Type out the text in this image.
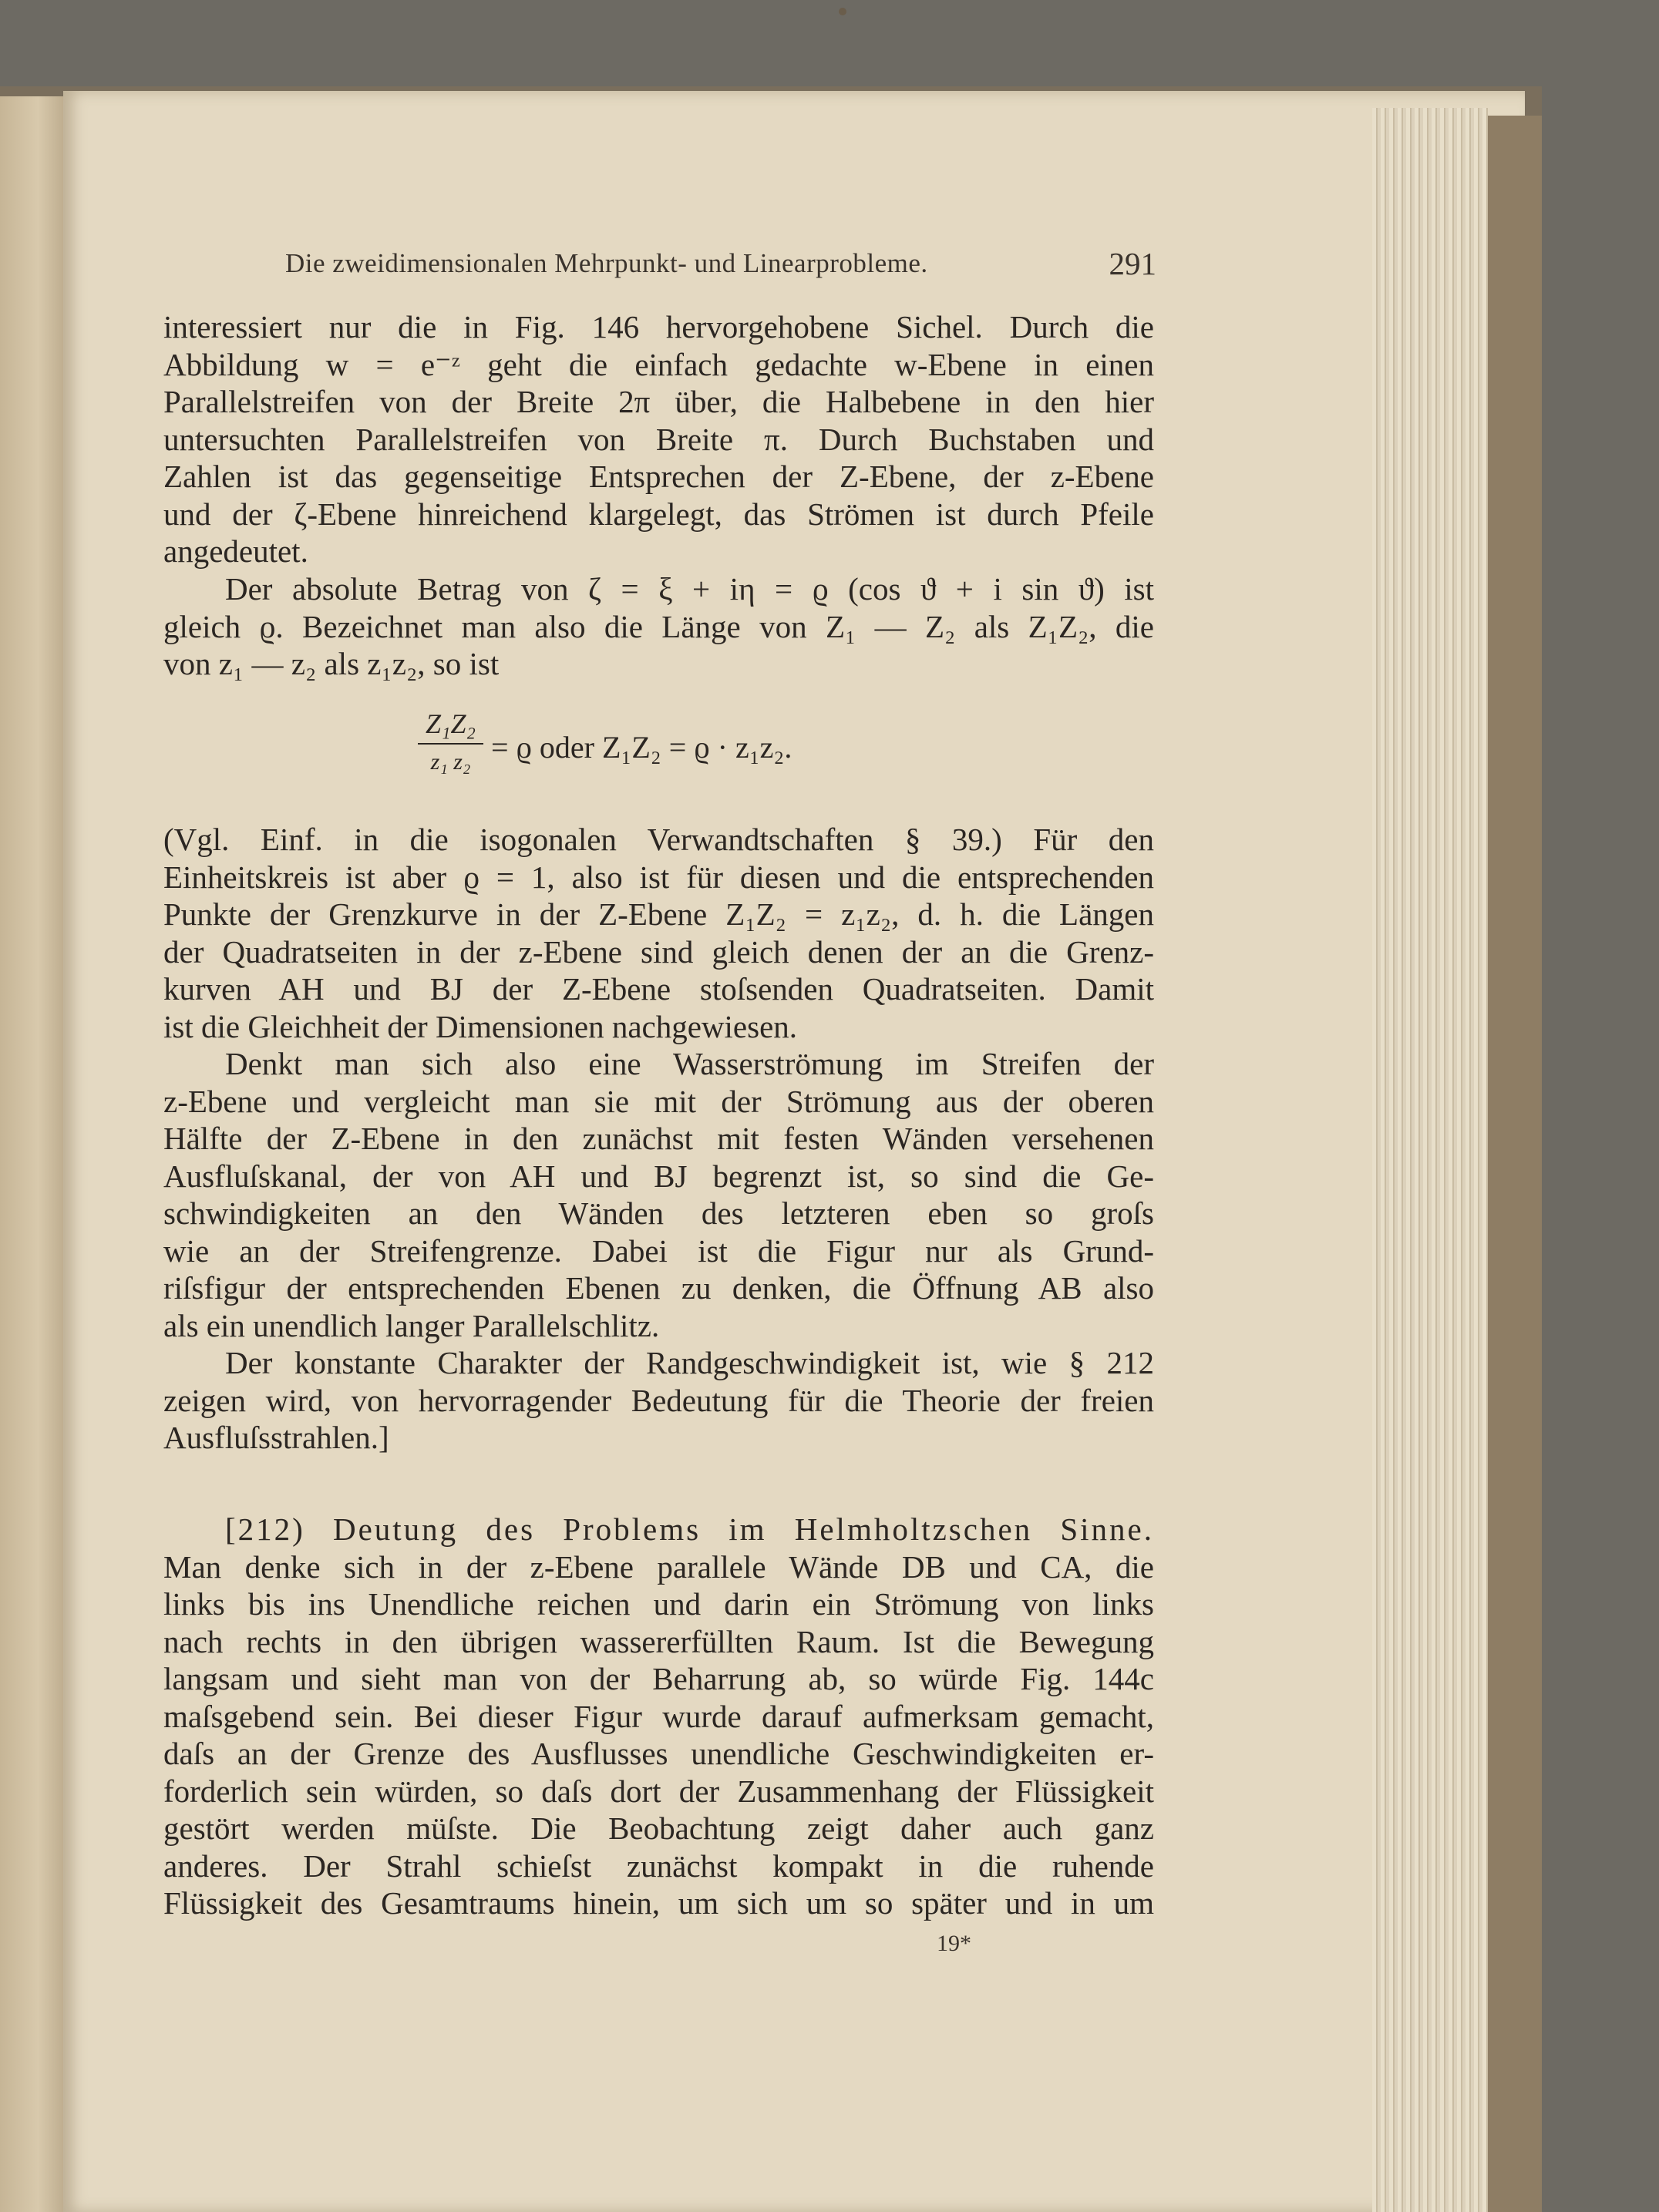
Die zweidimensionalen Mehrpunkt- und Linearprobleme.	291
interessiert nur die in Fig. 146 hervorgehobene Sichel. Durch die
Abbildung w = e⁻ᶻ geht die einfach gedachte w-Ebene in einen
Parallelstreifen von der Breite 2π über, die Halbebene in den hier
untersuchten Parallelstreifen von Breite π. Durch Buchstaben und
Zahlen ist das gegenseitige Entsprechen der Z-Ebene, der z-Ebene
und der ζ-Ebene hinreichend klargelegt, das Strömen ist durch Pfeile
angedeutet.
Der absolute Betrag von ζ = ξ + iη = ϱ (cos ϑ + i sin ϑ) ist
gleich ϱ. Bezeichnet man also die Länge von Z₁ — Z₂ als Z₁Z₂, die
von z₁ — z₂ als z₁z₂, so ist
Z₁Z₂
z₁ z₂ = ϱ oder Z₁Z₂ = ϱ · z₁z₂.
(Vgl. Einf. in die isogonalen Verwandtschaften § 39.) Für den
Einheitskreis ist aber ϱ = 1, also ist für diesen und die entsprechenden
Punkte der Grenzkurve in der Z-Ebene Z₁Z₂ = z₁z₂, d. h. die Längen
der Quadratseiten in der z-Ebene sind gleich denen der an die Grenz-
kurven AH und BJ der Z-Ebene stoſsenden Quadratseiten. Damit
ist die Gleichheit der Dimensionen nachgewiesen.
Denkt man sich also eine Wasserströmung im Streifen der
z-Ebene und vergleicht man sie mit der Strömung aus der oberen
Hälfte der Z-Ebene in den zunächst mit festen Wänden versehenen
Ausfluſskanal, der von AH und BJ begrenzt ist, so sind die Ge-
schwindigkeiten an den Wänden des letzteren eben so groſs
wie an der Streifengrenze. Dabei ist die Figur nur als Grund-
riſsfigur der entsprechenden Ebenen zu denken, die Öffnung AB also
als ein unendlich langer Parallelschlitz.
Der konstante Charakter der Randgeschwindigkeit ist, wie § 212
zeigen wird, von hervorragender Bedeutung für die Theorie der freien
Ausfluſsstrahlen.]
[212) Deutung des Problems im Helmholtzschen Sinne.
Man denke sich in der z-Ebene parallele Wände DB und CA, die
links bis ins Unendliche reichen und darin ein Strömung von links
nach rechts in den übrigen wassererfüllten Raum. Ist die Bewegung
langsam und sieht man von der Beharrung ab, so würde Fig. 144c
maſsgebend sein. Bei dieser Figur wurde darauf aufmerksam gemacht,
daſs an der Grenze des Ausflusses unendliche Geschwindigkeiten er-
forderlich sein würden, so daſs dort der Zusammenhang der Flüssigkeit
gestört werden müſste. Die Beobachtung zeigt daher auch ganz
anderes. Der Strahl schieſst zunächst kompakt in die ruhende
Flüssigkeit des Gesamtraums hinein, um sich um so später und in um
19*
